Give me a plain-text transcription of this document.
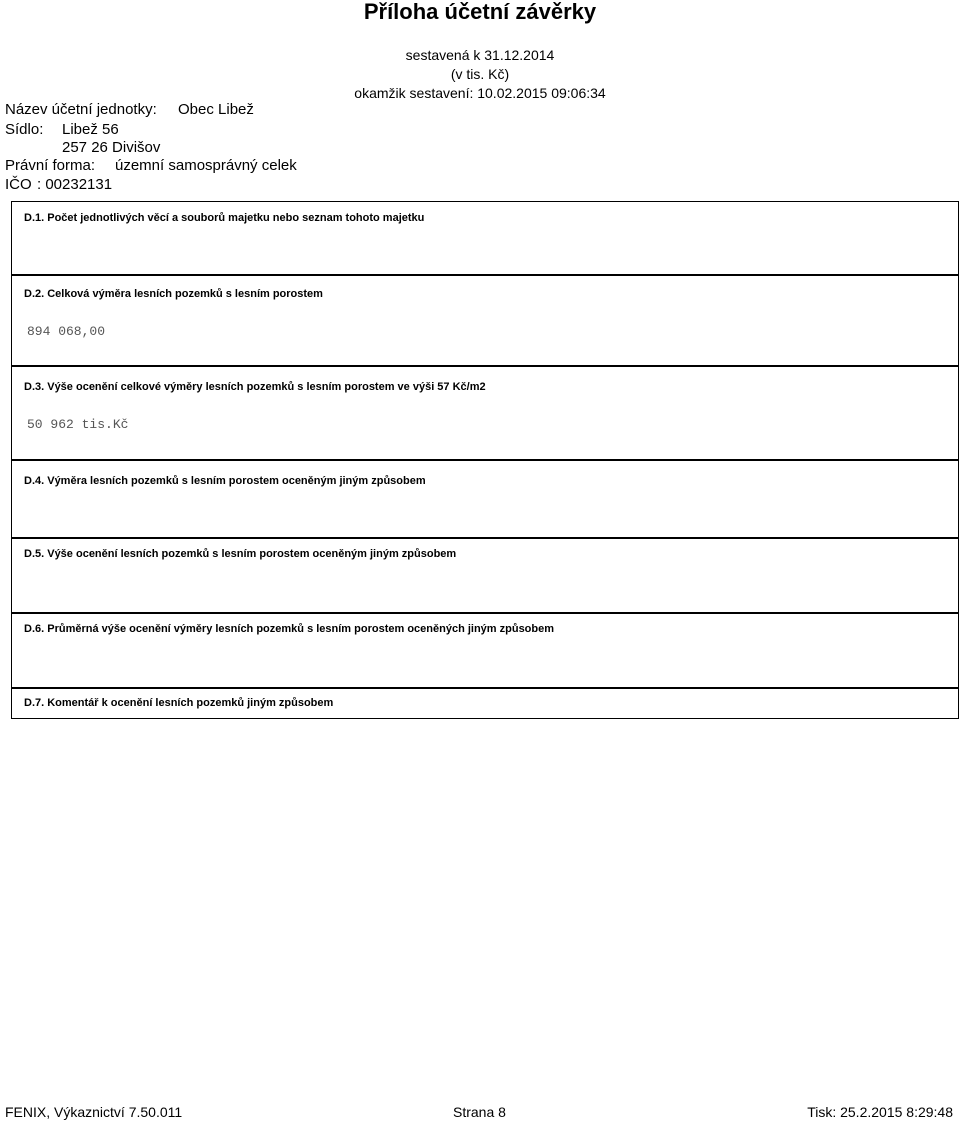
Příloha účetní závěrky
sestavená k 31.12.2014
(v tis. Kč)
okamžik sestavení: 10.02.2015 09:06:34
Název účetní jednotky: Obec Libež
Sídlo: Libež 56
257 26 Divišov
Právní forma: územní samosprávný celek
IČO : 00232131
D.1. Počet jednotlivých věcí a souborů majetku nebo seznam tohoto majetku
D.2. Celková výměra lesních pozemků s lesním porostem
894 068,00
D.3. Výše ocenění celkové výměry lesních pozemků s lesním porostem ve výši 57 Kč/m2
50 962 tis.Kč
D.4. Výměra lesních pozemků s lesním porostem oceněným jiným způsobem
D.5. Výše ocenění lesních pozemků s lesním porostem oceněným jiným způsobem
D.6. Průměrná výše ocenění výměry lesních pozemků s lesním porostem oceněných jiným způsobem
D.7. Komentář k ocenění lesních pozemků jiným způsobem
FENIX, Výkaznictví 7.50.011	Strana 8	Tisk: 25.2.2015 8:29:48
